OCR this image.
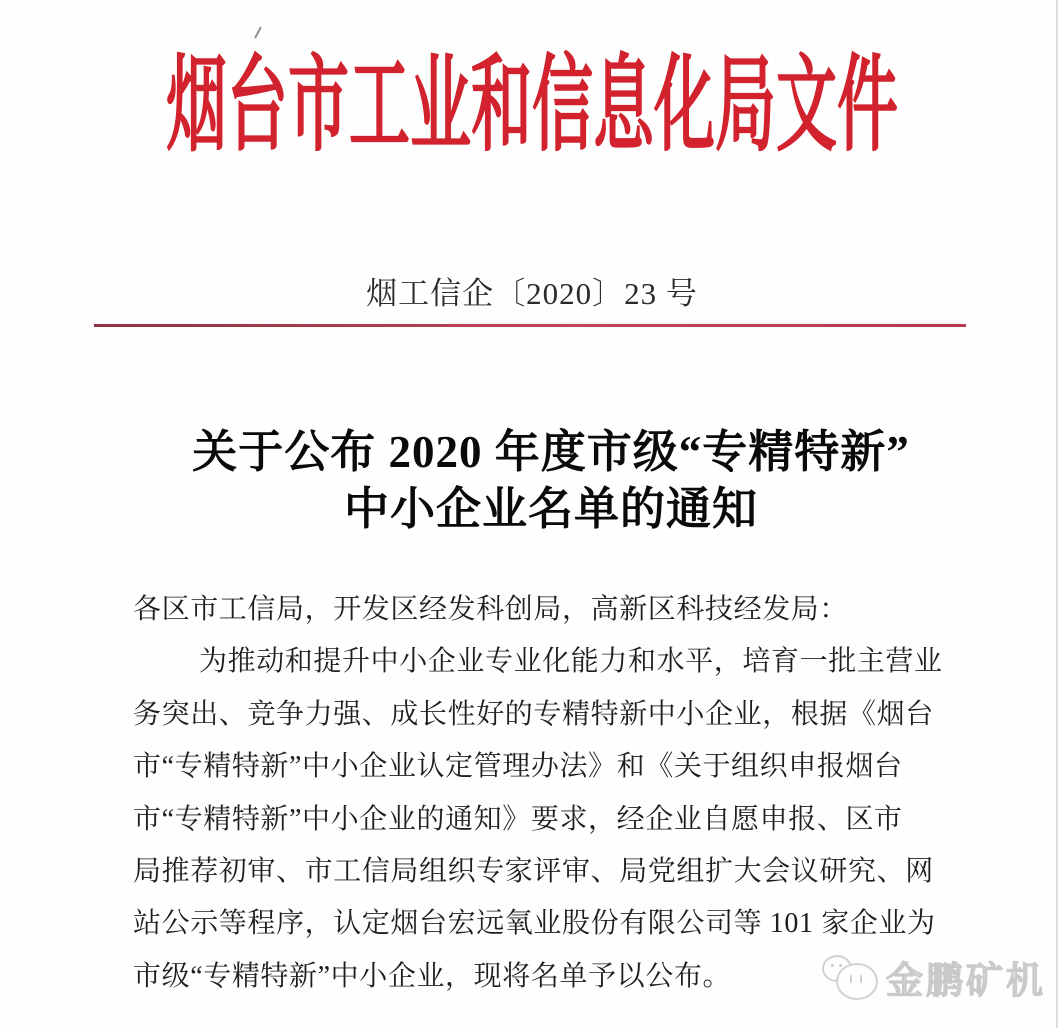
烟台市工业和信息化局文件
烟工信企〔2020〕23 号
关于公布 2020 年度市级“专精特新”
中小企业名单的通知
各区市工信局，开发区经发科创局，高新区科技经发局：
为推动和提升中小企业专业化能力和水平，培育一批主营业
务突出、竞争力强、成长性好的专精特新中小企业，根据《烟台
市“专精特新”中小企业认定管理办法》和《关于组织申报烟台
市“专精特新”中小企业的通知》要求，经企业自愿申报、区市
局推荐初审、市工信局组织专家评审、局党组扩大会议研究、网
站公示等程序，认定烟台宏远氧业股份有限公司等 101 家企业为
市级“专精特新”中小企业，现将名单予以公布。	金鹏矿机
